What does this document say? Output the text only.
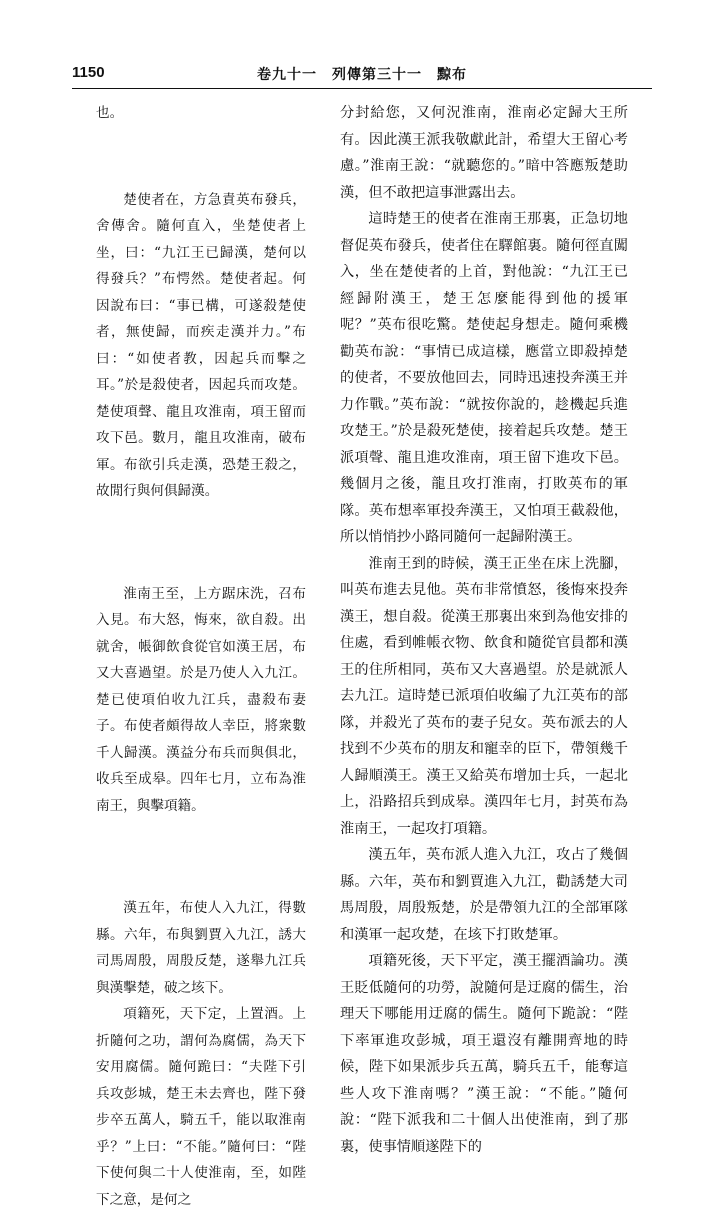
1150	卷九十一　列傳第三十一　黥布

也。

楚使者在，方急責英布發兵，舍傳舍。隨何直入，坐楚使者上坐，曰：“九江王已歸漢，楚何以得發兵？”布愕然。楚使者起。何因說布曰：“事已構，可遂殺楚使者，無使歸，而疾走漢并力。”布曰：“如使者教，因起兵而擊之耳。”於是殺使者，因起兵而攻楚。楚使項聲、龍且攻淮南，項王留而攻下邑。數月，龍且攻淮南，破布軍。布欲引兵走漢，恐楚王殺之，故閒行與何俱歸漢。

淮南王至，上方踞床洗，召布入見。布大怒，悔來，欲自殺。出就舍，帳御飲食從官如漢王居，布又大喜過望。於是乃使人入九江。楚已使項伯收九江兵，盡殺布妻子。布使者頗得故人幸臣，將衆數千人歸漢。漢益分布兵而與俱北，收兵至成皋。四年七月，立布為淮南王，與擊項籍。

漢五年，布使人入九江，得數縣。六年，布與劉賈入九江，誘大司馬周殷，周殷反楚，遂舉九江兵與漢擊楚，破之垓下。

項籍死，天下定，上置酒。上折隨何之功，謂何為腐儒，為天下安用腐儒。隨何跪曰：“夫陛下引兵攻彭城，楚王未去齊也，陛下發步卒五萬人，騎五千，能以取淮南乎？”上曰：“不能。”隨何曰：“陛下使何與二十人使淮南，至，如陛下之意，是何之

分封給您，又何況淮南，淮南必定歸大王所有。因此漢王派我敬獻此計，希望大王留心考慮。”淮南王說：“就聽您的。”暗中答應叛楚助漢，但不敢把這事泄露出去。

這時楚王的使者在淮南王那裏，正急切地督促英布發兵，使者住在驛館裏。隨何徑直闖入，坐在楚使者的上首，對他說：“九江王已經歸附漢王，楚王怎麼能得到他的援軍呢？”英布很吃驚。楚使起身想走。隨何乘機勸英布說：“事情已成這樣，應當立即殺掉楚的使者，不要放他回去，同時迅速投奔漢王并力作戰。”英布說：“就按你說的，趁機起兵進攻楚王。”於是殺死楚使，接着起兵攻楚。楚王派項聲、龍且進攻淮南，項王留下進攻下邑。幾個月之後，龍且攻打淮南，打敗英布的軍隊。英布想率軍投奔漢王，又怕項王截殺他，所以悄悄抄小路同隨何一起歸附漢王。

淮南王到的時候，漢王正坐在床上洗腳，叫英布進去見他。英布非常憤怒，後悔來投奔漢王，想自殺。從漢王那裏出來到為他安排的住處，看到帷帳衣物、飲食和隨從官員都和漢王的住所相同，英布又大喜過望。於是就派人去九江。這時楚已派項伯收編了九江英布的部隊，并殺光了英布的妻子兒女。英布派去的人找到不少英布的朋友和寵幸的臣下，帶領幾千人歸順漢王。漢王又給英布增加士兵，一起北上，沿路招兵到成皋。漢四年七月，封英布為淮南王，一起攻打項籍。

漢五年，英布派人進入九江，攻占了幾個縣。六年，英布和劉賈進入九江，勸誘楚大司馬周殷，周殷叛楚，於是帶領九江的全部軍隊和漢軍一起攻楚，在垓下打敗楚軍。

項籍死後，天下平定，漢王擺酒論功。漢王貶低隨何的功勞，說隨何是迂腐的儒生，治理天下哪能用迂腐的儒生。隨何下跪說：“陛下率軍進攻彭城，項王還沒有離開齊地的時候，陛下如果派步兵五萬，騎兵五千，能奪這些人攻下淮南嗎？”漢王說：“不能。”隨何說：“陛下派我和二十個人出使淮南，到了那裏，使事情順遂陛下的
